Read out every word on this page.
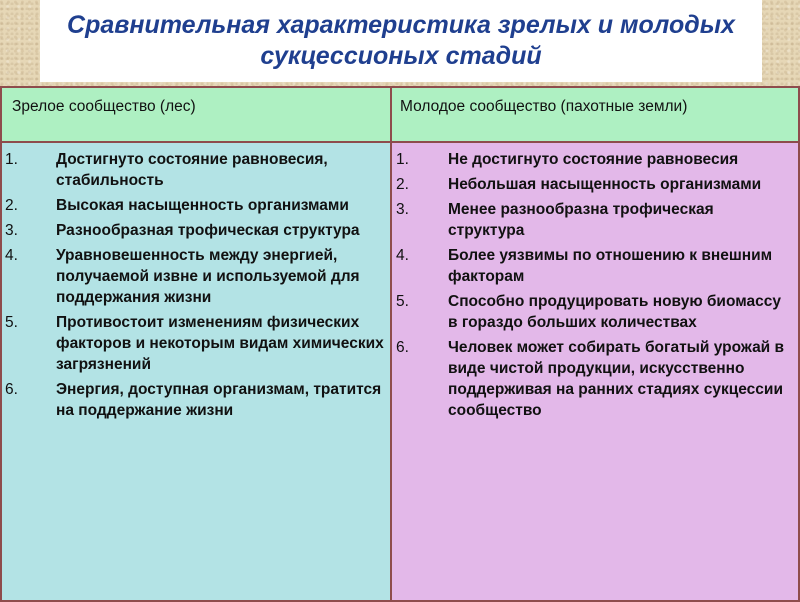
Сравнительная характеристика зрелых и молодых сукцессионых стадий
Зрелое сообщество (лес)	Молодое сообщество (пахотные земли)
1. Достигнуто состояние равновесия, стабильность
2. Высокая насыщенность организмами
3. Разнообразная трофическая структура
4. Уравновешенность между энергией, получаемой извне и используемой для поддержания жизни
5. Противостоит изменениям физических факторов и некоторым видам химических загрязнений
6. Энергия, доступная организмам, тратится на поддержание жизни
1.	Не достигнуто состояние равновесия
2.	Небольшая насыщенность организмами
3.	Менее разнообразна трофическая структура
4.	Более уязвимы по отношению к внешним факторам
5.	Способно продуцировать новую биомассу в гораздо больших количествах
6.	Человек может собирать богатый урожай в виде чистой продукции, искусственно поддерживая на ранних стадиях сукцессии сообщество
